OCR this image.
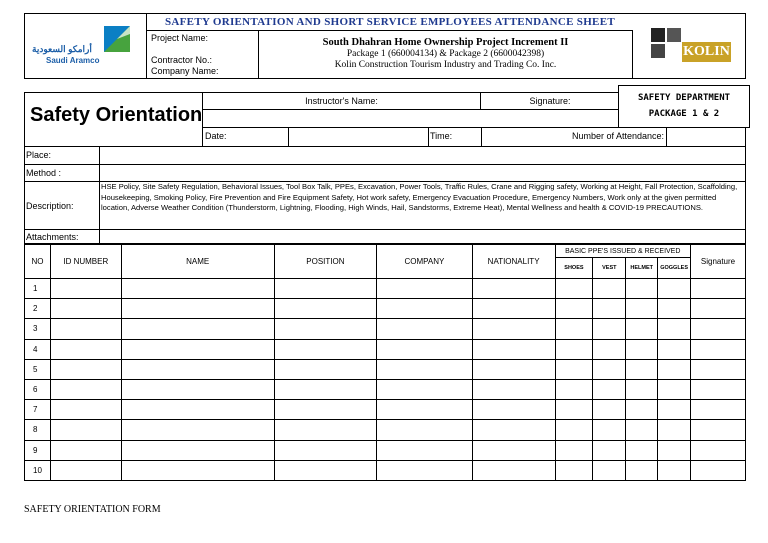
أرامكو السعودية
Saudi Aramco
SAFETY ORIENTATION AND SHORT SERVICE EMPLOYEES ATTENDANCE SHEET
Project Name:
Contractor No.:
Company Name:
South Dhahran Home Ownership Project Increment II
Package 1 (660004134) & Package 2 (6600042398)
Kolin Construction Tourism Industry and Trading Co. Inc.
KOLIN
Safety Orientation
Instructor's Name:	Signature:
Date:	Time:	Number of Attendance:
SAFETY DEPARTMENT
PACKAGE 1 & 2
Place:
Method :
Description:
HSE Policy, Site Safety Regulation, Behavioral Issues, Tool Box Talk, PPEs, Excavation, Power Tools, Traffic Rules, Crane and Rigging safety, Working at Height, Fall Protection, Scaffolding, Housekeeping, Smoking Policy, Fire Prevention and Fire Equipment Safety, Hot work safety, Emergency Evacuation Procedure, Emergency Numbers, Work only at the given permitted location, Adverse Weather Condition (Thunderstorm, Lightning, Flooding, High Winds, Hail, Sandstorms, Extreme Heat), Mental Wellness and health & COVID-19 PRECAUTIONS.
Attachments:
NO	ID NUMBER	NAME	POSITION	COMPANY	NATIONALITY	BASIC PPE'S ISSUED & RECEIVED				Signature
						SHOES	VEST	HELMET	GOGGLES	
1										
2										
3										
4										
5										
6										
7										
8										
9										
10										
SAFETY ORIENTATION FORM
